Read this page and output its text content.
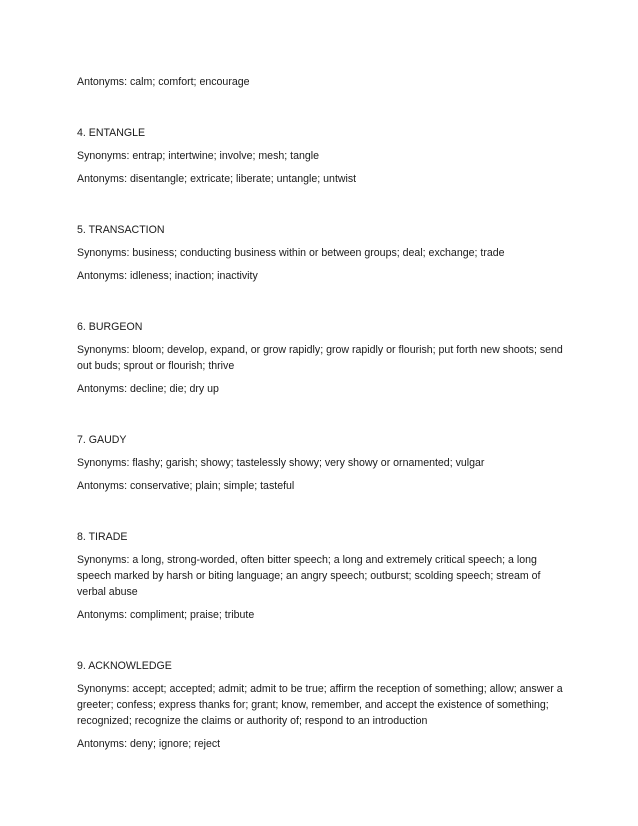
Antonyms: calm; comfort; encourage

4. ENTANGLE

Synonyms: entrap; intertwine; involve; mesh; tangle

Antonyms: disentangle; extricate; liberate; untangle; untwist

5. TRANSACTION

Synonyms: business; conducting business within or between groups; deal; exchange; trade

Antonyms: idleness; inaction; inactivity

6. BURGEON

Synonyms: bloom; develop, expand, or grow rapidly; grow rapidly or flourish; put forth new shoots; send out buds; sprout or flourish; thrive

Antonyms: decline; die; dry up

7. GAUDY

Synonyms: flashy; garish; showy; tastelessly showy; very showy or ornamented; vulgar

Antonyms: conservative; plain; simple; tasteful

8. TIRADE

Synonyms: a long, strong-worded, often bitter speech; a long and extremely critical speech; a long speech marked by harsh or biting language; an angry speech; outburst; scolding speech; stream of verbal abuse

Antonyms: compliment; praise; tribute

9. ACKNOWLEDGE

Synonyms: accept; accepted; admit; admit to be true; affirm the reception of something; allow; answer a greeter; confess; express thanks for; grant; know, remember, and accept the existence of something; recognized; recognize the claims or authority of; respond to an introduction

Antonyms: deny; ignore; reject
